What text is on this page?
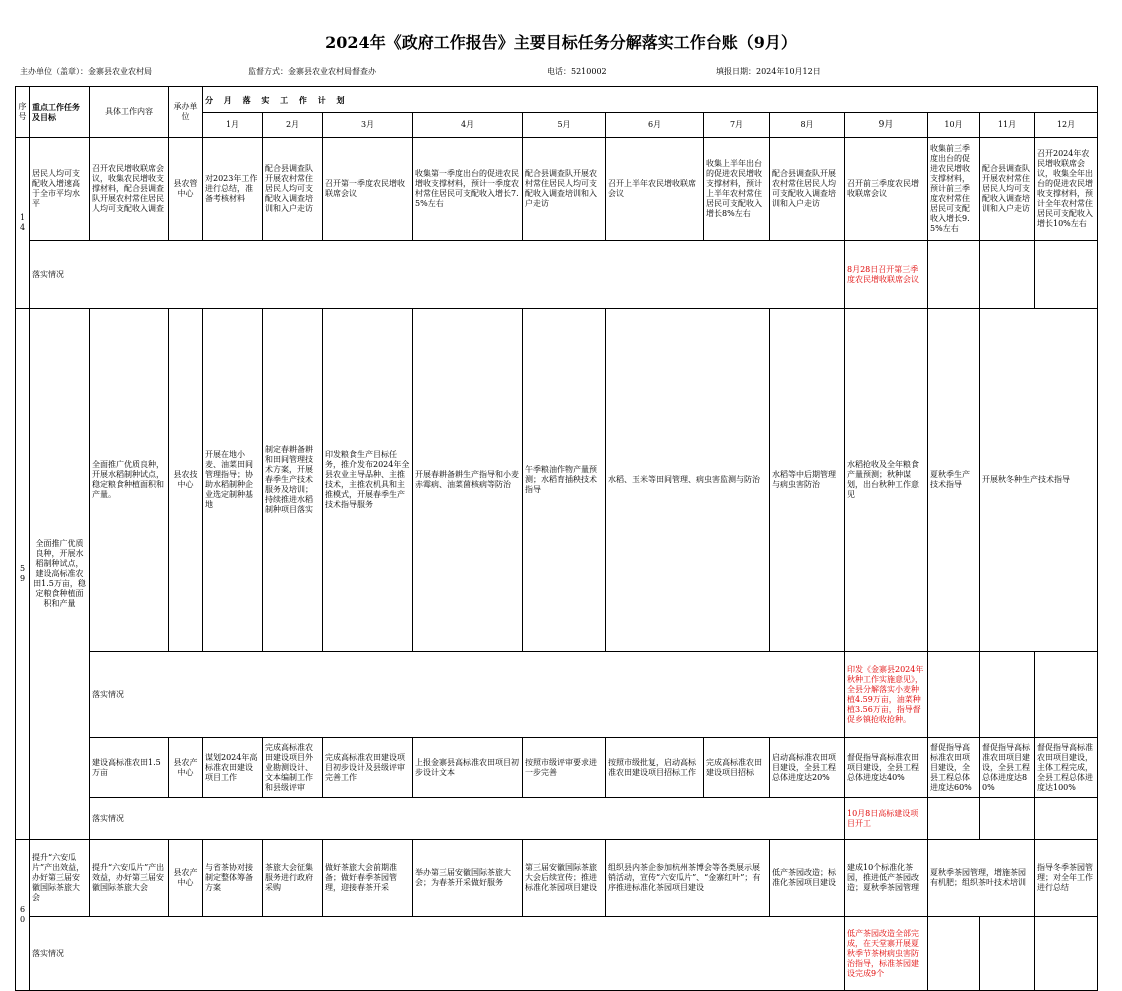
2024年《政府工作报告》主要目标任务分解落实工作台账（9月）
主办单位（盖章）：金寨县农业农村局	监督方式：金寨县农业农村局督查办	电话：5210002	填报日期：2024年10月12日
序号	重点工作任务及目标	具体工作内容	承办单位	分 月 落 实 工 作 计 划												
				1月	2月	3月	4月	5月	6月	7月	8月	9月	10月	11月	12月	
14	居民人均可支配收入增速高于全市平均水平	召开农民增收联席会议，收集农民增收支撑材料，配合县调查队开展农村常住居民人均可支配收入调查	县农管中心	对2023年工作进行总结，准备考核材料	配合县调查队开展农村常住居民人均可支配收入调查培训和入户走访	召开第一季度农民增收联席会议	收集第一季度出台的促进农民增收支撑材料，预计一季度农村常住居民可支配收入增长7.5%左右	配合县调查队开展农村常住居民人均可支配收入调查培训和入户走访	召开上半年农民增收联席会议	收集上半年出台的促进农民增收支撑材料，预计上半年农村常住居民可支配收入增长8%左右	配合县调查队开展农村常住居民人均可支配收入调查培训和入户走访	召开前三季度农民增收联席会议	收集前三季度出台的促进农民增收支撑材料，预计前三季度农村常住居民可支配收入增长9.5%左右	配合县调查队开展农村常住居民人均可支配收入调查培训和入户走访	召开2024年农民增收联席会议，收集全年出台的促进农民增收支撑材料，预计全年农村常住居民可支配收入增长10%左右	
	落实情况											8月28日召开第三季度农民增收联席会议				
59	全面推广优质良种，开展水稻制种试点，建设高标准农田1.5万亩，稳定粮食种植面积和产量	全面推广优质良种，开展水稻制种试点，稳定粮食种植面积和产量。	县农技中心	开展在地小麦、油菜田间管理指导；协助水稻制种企业选定制种基地	制定春耕备耕和田间管理技术方案，开展春季生产技术服务及培训；持续推进水稻制种项目落实	印发粮食生产目标任务，推介发布2024年全县农业主导品种、主推技术，主推农机具和主推模式，开展春季生产技术指导服务	开展春耕备耕生产指导和小麦赤霉病、油菜菌核病等防治	午季粮油作物产量预测；水稻育插秧技术指导	水稻、玉米等田间管理、病虫害监测与防治		水稻等中后期管理与病虫害防治	水稻抢收及全年粮食产量预测；秋种谋划，出台秋种工作意见	夏秋季生产技术指导	开展秋冬种生产技术指导	
		落实情况										印发《金寨县2024年秋种工作实施意见》，全县分解落实小麦种植4.59万亩，油菜种植3.56万亩，指导督促乡镇抢收抢种。				
		建设高标准农田1.5万亩	县农产中心	谋划2024年高标准农田建设项目工作	完成高标准农田建设项目外业勘测设计、文本编制工作和县级评审	完成高标准农田建设项目初步设计及县级评审完善工作	上报金寨县高标准农田项目初步设计文本	按照市级评审要求进一步完善	按照市级批复，启动高标准农田建设项目招标工作	完成高标准农田建设项目招标	启动高标准农田项目建设，全县工程总体进度达20%	督促指导高标准农田项目建设，全县工程总体进度达40%	督促指导高标准农田项目建设，全县工程总体进度达60%	督促指导高标准农田项目建设，全县工程总体进度达80%	督促指导高标准农田项目建设，主体工程完成，全县工程总体进度达100%	
		落实情况										10月8日高标建设项目开工				
60	提升“六安瓜片”产出效益，办好第三届安徽国际茶旅大会	提升“六安瓜片”产出效益，办好第三届安徽国际茶旅大会	县农产中心	与省茶协对接制定整体筹备方案	茶旅大会征集服务进行政府采购	做好茶旅大会前期准备；做好春季茶园管理，迎接春茶开采	举办第三届安徽国际茶旅大会；为春茶开采做好服务	第三届安徽国际茶旅大会后续宣传；推进标准化茶园项目建设	组织县内茶企参加杭州茶博会等各类展示展销活动，宣传“六安瓜片”、“金寨红叶”；有序推进标准化茶园项目建设		低产茶园改造；标准化茶园项目建设	建成10个标准化茶园，推进低产茶园改造；夏秋季茶园管理	夏秋季茶园管理，增施茶园有机肥；组织茶叶技术培训		指导冬季茶园管理；对全年工作进行总结	
	落实情况											低产茶园改造全部完成，在天堂寨开展夏秋季节茶树病虫害防治指导，标准茶园建设完成9个				
